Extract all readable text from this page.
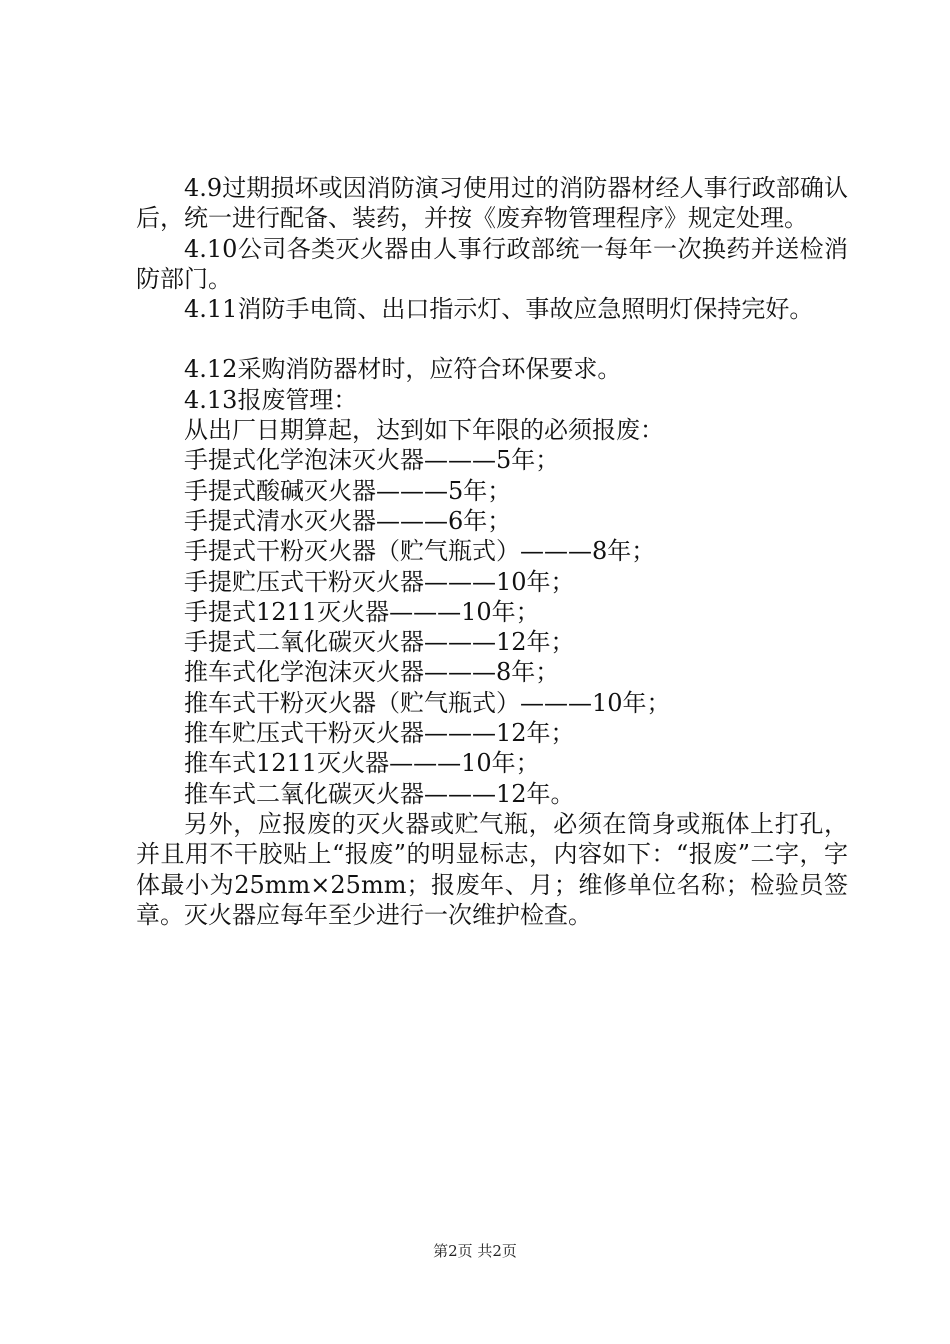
4.9过期损坏或因消防演习使用过的消防器材经人事行政部确认后，统一进行配备、装药，并按《废弃物管理程序》规定处理。

4.10公司各类灭火器由人事行政部统一每年一次换药并送检消防部门。

4.11消防手电筒、出口指示灯、事故应急照明灯保持完好。

4.12采购消防器材时，应符合环保要求。

4.13报废管理：

从出厂日期算起，达到如下年限的必须报废：

手提式化学泡沫灭火器———5年；

手提式酸碱灭火器———5年；

手提式清水灭火器———6年；

手提式干粉灭火器（贮气瓶式）———8年；

手提贮压式干粉灭火器———10年；

手提式1211灭火器———10年；

手提式二氧化碳灭火器———12年；

推车式化学泡沫灭火器———8年；

推车式干粉灭火器（贮气瓶式）———10年；

推车贮压式干粉灭火器———12年；

推车式1211灭火器———10年；

推车式二氧化碳灭火器———12年。

另外，应报废的灭火器或贮气瓶，必须在筒身或瓶体上打孔，并且用不干胶贴上“报废”的明显标志，内容如下：“报废”二字，字体最小为25mm×25mm；报废年、月；维修单位名称；检验员签章。灭火器应每年至少进行一次维护检查。

第2页 共2页
